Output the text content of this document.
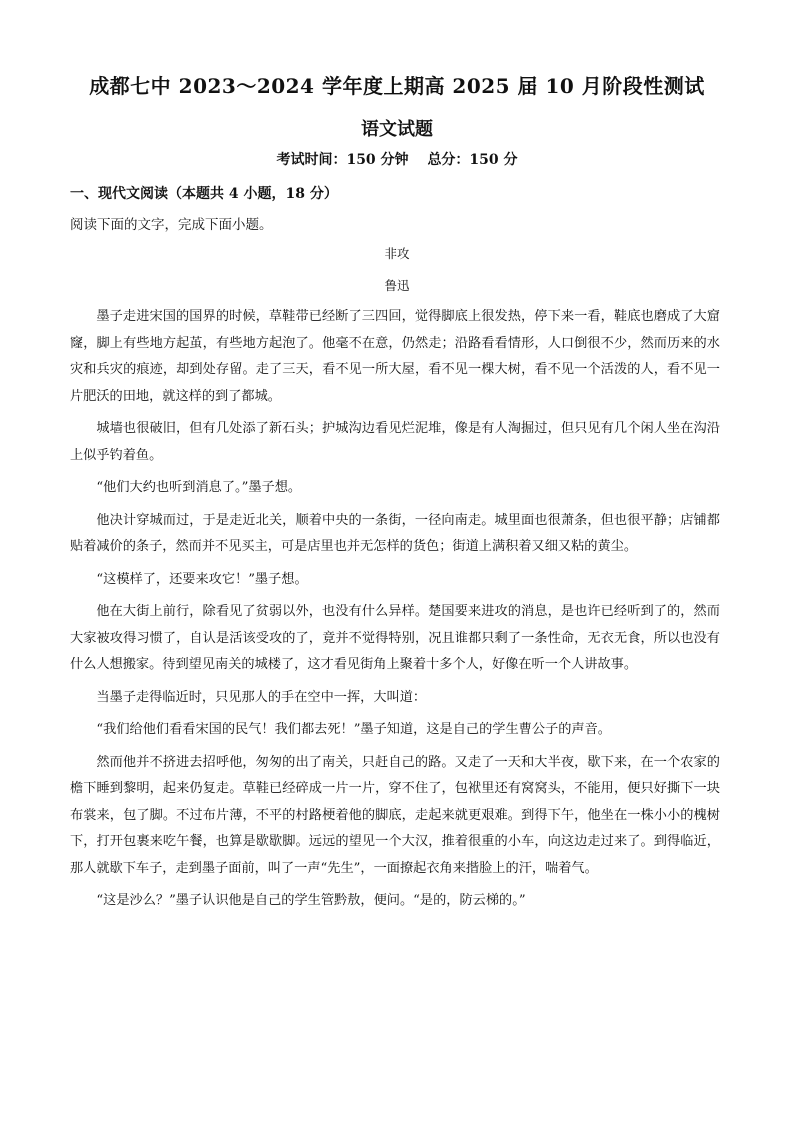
成都七中 2023～2024 学年度上期高 2025 届 10 月阶段性测试
语文试题
考试时间：150 分钟 总分：150 分
一、现代文阅读（本题共 4 小题，18 分）
阅读下面的文字，完成下面小题。
非攻
鲁迅

墨子走进宋国的国界的时候，草鞋带已经断了三四回，觉得脚底上很发热，停下来一看，鞋底也磨成了大窟窿，脚上有些地方起茧，有些地方起泡了。他毫不在意，仍然走；沿路看看情形，人口倒很不少，然而历来的水灾和兵灾的痕迹，却到处存留。走了三天，看不见一所大屋，看不见一棵大树，看不见一个活泼的人，看不见一片肥沃的田地，就这样的到了都城。

城墙也很破旧，但有几处添了新石头；护城沟边看见烂泥堆，像是有人淘掘过，但只见有几个闲人坐在沟沿上似乎钓着鱼。

“他们大约也听到消息了。”墨子想。

他决计穿城而过，于是走近北关，顺着中央的一条街，一径向南走。城里面也很萧条，但也很平静；店铺都贴着减价的条子，然而并不见买主，可是店里也并无怎样的货色；街道上满积着又细又粘的黄尘。

“这模样了，还要来攻它！”墨子想。

他在大街上前行，除看见了贫弱以外，也没有什么异样。楚国要来进攻的消息，是也许已经听到了的，然而大家被攻得习惯了，自认是活该受攻的了，竟并不觉得特别，况且谁都只剩了一条性命，无衣无食，所以也没有什么人想搬家。待到望见南关的城楼了，这才看见街角上聚着十多个人，好像在听一个人讲故事。

当墨子走得临近时，只见那人的手在空中一挥，大叫道：

“我们给他们看看宋国的民气！我们都去死！”墨子知道，这是自己的学生曹公子的声音。

然而他并不挤进去招呼他，匆匆的出了南关，只赶自己的路。又走了一天和大半夜，歇下来，在一个农家的檐下睡到黎明，起来仍复走。草鞋已经碎成一片一片，穿不住了，包袱里还有窝窝头，不能用，便只好撕下一块布裳来，包了脚。不过布片薄，不平的村路梗着他的脚底，走起来就更艰难。到得下午，他坐在一株小小的槐树下，打开包裹来吃午餐，也算是歇歇脚。远远的望见一个大汉，推着很重的小车，向这边走过来了。到得临近，那人就歇下车子，走到墨子面前，叫了一声“先生”，一面撩起衣角来揩脸上的汗，喘着气。

“这是沙么？”墨子认识他是自己的学生管黔敖，便问。“是的，防云梯的。”
